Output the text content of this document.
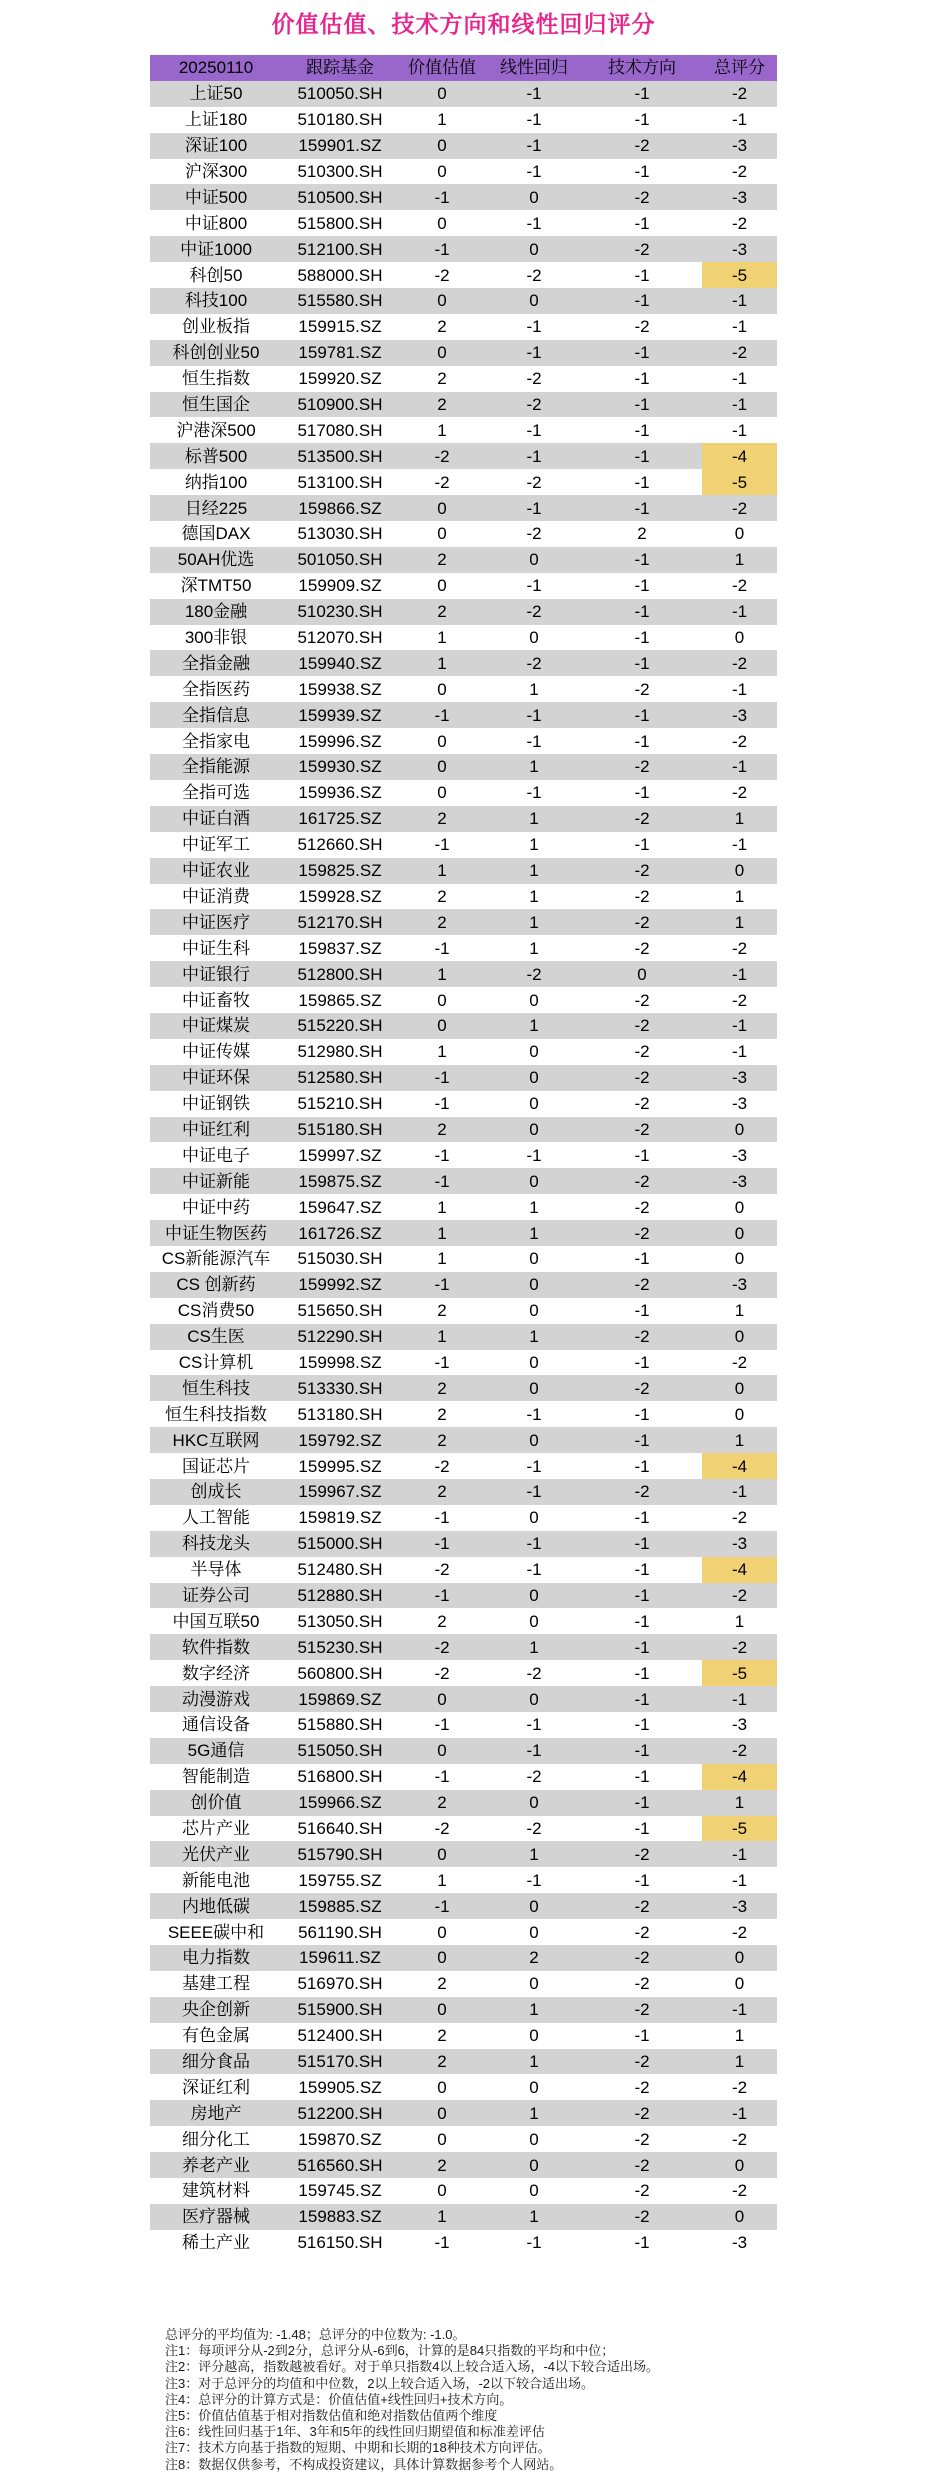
价值估值、技术方向和线性回归评分
20250110	跟踪基金	价值估值	线性回归	技术方向	总评分
上证50	510050.SH	0	-1	-1	-2
上证180	510180.SH	1	-1	-1	-1
深证100	159901.SZ	0	-1	-2	-3
沪深300	510300.SH	0	-1	-1	-2
中证500	510500.SH	-1	0	-2	-3
中证800	515800.SH	0	-1	-1	-2
中证1000	512100.SH	-1	0	-2	-3
科创50	588000.SH	-2	-2	-1	-5
科技100	515580.SH	0	0	-1	-1
创业板指	159915.SZ	2	-1	-2	-1
科创创业50	159781.SZ	0	-1	-1	-2
恒生指数	159920.SZ	2	-2	-1	-1
恒生国企	510900.SH	2	-2	-1	-1
沪港深500	517080.SH	1	-1	-1	-1
标普500	513500.SH	-2	-1	-1	-4
纳指100	513100.SH	-2	-2	-1	-5
日经225	159866.SZ	0	-1	-1	-2
德国DAX	513030.SH	0	-2	2	0
50AH优选	501050.SH	2	0	-1	1
深TMT50	159909.SZ	0	-1	-1	-2
180金融	510230.SH	2	-2	-1	-1
300非银	512070.SH	1	0	-1	0
全指金融	159940.SZ	1	-2	-1	-2
全指医药	159938.SZ	0	1	-2	-1
全指信息	159939.SZ	-1	-1	-1	-3
全指家电	159996.SZ	0	-1	-1	-2
全指能源	159930.SZ	0	1	-2	-1
全指可选	159936.SZ	0	-1	-1	-2
中证白酒	161725.SZ	2	1	-2	1
中证军工	512660.SH	-1	1	-1	-1
中证农业	159825.SZ	1	1	-2	0
中证消费	159928.SZ	2	1	-2	1
中证医疗	512170.SH	2	1	-2	1
中证生科	159837.SZ	-1	1	-2	-2
中证银行	512800.SH	1	-2	0	-1
中证畜牧	159865.SZ	0	0	-2	-2
中证煤炭	515220.SH	0	1	-2	-1
中证传媒	512980.SH	1	0	-2	-1
中证环保	512580.SH	-1	0	-2	-3
中证钢铁	515210.SH	-1	0	-2	-3
中证红利	515180.SH	2	0	-2	0
中证电子	159997.SZ	-1	-1	-1	-3
中证新能	159875.SZ	-1	0	-2	-3
中证中药	159647.SZ	1	1	-2	0
中证生物医药	161726.SZ	1	1	-2	0
CS新能源汽车	515030.SH	1	0	-1	0
CS 创新药	159992.SZ	-1	0	-2	-3
CS消费50	515650.SH	2	0	-1	1
CS生医	512290.SH	1	1	-2	0
CS计算机	159998.SZ	-1	0	-1	-2
恒生科技	513330.SH	2	0	-2	0
恒生科技指数	513180.SH	2	-1	-1	0
HKC互联网	159792.SZ	2	0	-1	1
国证芯片	159995.SZ	-2	-1	-1	-4
创成长	159967.SZ	2	-1	-2	-1
人工智能	159819.SZ	-1	0	-1	-2
科技龙头	515000.SH	-1	-1	-1	-3
半导体	512480.SH	-2	-1	-1	-4
证券公司	512880.SH	-1	0	-1	-2
中国互联50	513050.SH	2	0	-1	1
软件指数	515230.SH	-2	1	-1	-2
数字经济	560800.SH	-2	-2	-1	-5
动漫游戏	159869.SZ	0	0	-1	-1
通信设备	515880.SH	-1	-1	-1	-3
5G通信	515050.SH	0	-1	-1	-2
智能制造	516800.SH	-1	-2	-1	-4
创价值	159966.SZ	2	0	-1	1
芯片产业	516640.SH	-2	-2	-1	-5
光伏产业	515790.SH	0	1	-2	-1
新能电池	159755.SZ	1	-1	-1	-1
内地低碳	159885.SZ	-1	0	-2	-3
SEEE碳中和	561190.SH	0	0	-2	-2
电力指数	159611.SZ	0	2	-2	0
基建工程	516970.SH	2	0	-2	0
央企创新	515900.SH	0	1	-2	-1
有色金属	512400.SH	2	0	-1	1
细分食品	515170.SH	2	1	-2	1
深证红利	159905.SZ	0	0	-2	-2
房地产	512200.SH	0	1	-2	-1
细分化工	159870.SZ	0	0	-2	-2
养老产业	516560.SH	2	0	-2	0
建筑材料	159745.SZ	0	0	-2	-2
医疗器械	159883.SZ	1	1	-2	0
稀土产业	516150.SH	-1	-1	-1	-3
总评分的平均值为: -1.48；总评分的中位数为: -1.0。
注1：每项评分从-2到2分，总评分从-6到6，计算的是84只指数的平均和中位；
注2：评分越高，指数越被看好。对于单只指数4以上较合适入场，-4以下较合适出场。
注3：对于总评分的均值和中位数，2以上较合适入场，-2以下较合适出场。
注4：总评分的计算方式是：价值估值+线性回归+技术方向。
注5：价值估值基于相对指数估值和绝对指数估值两个维度
注6：线性回归基于1年、3年和5年的线性回归期望值和标准差评估
注7：技术方向基于指数的短期、中期和长期的18种技术方向评估。
注8：数据仅供参考，不构成投资建议，具体计算数据参考个人网站。
